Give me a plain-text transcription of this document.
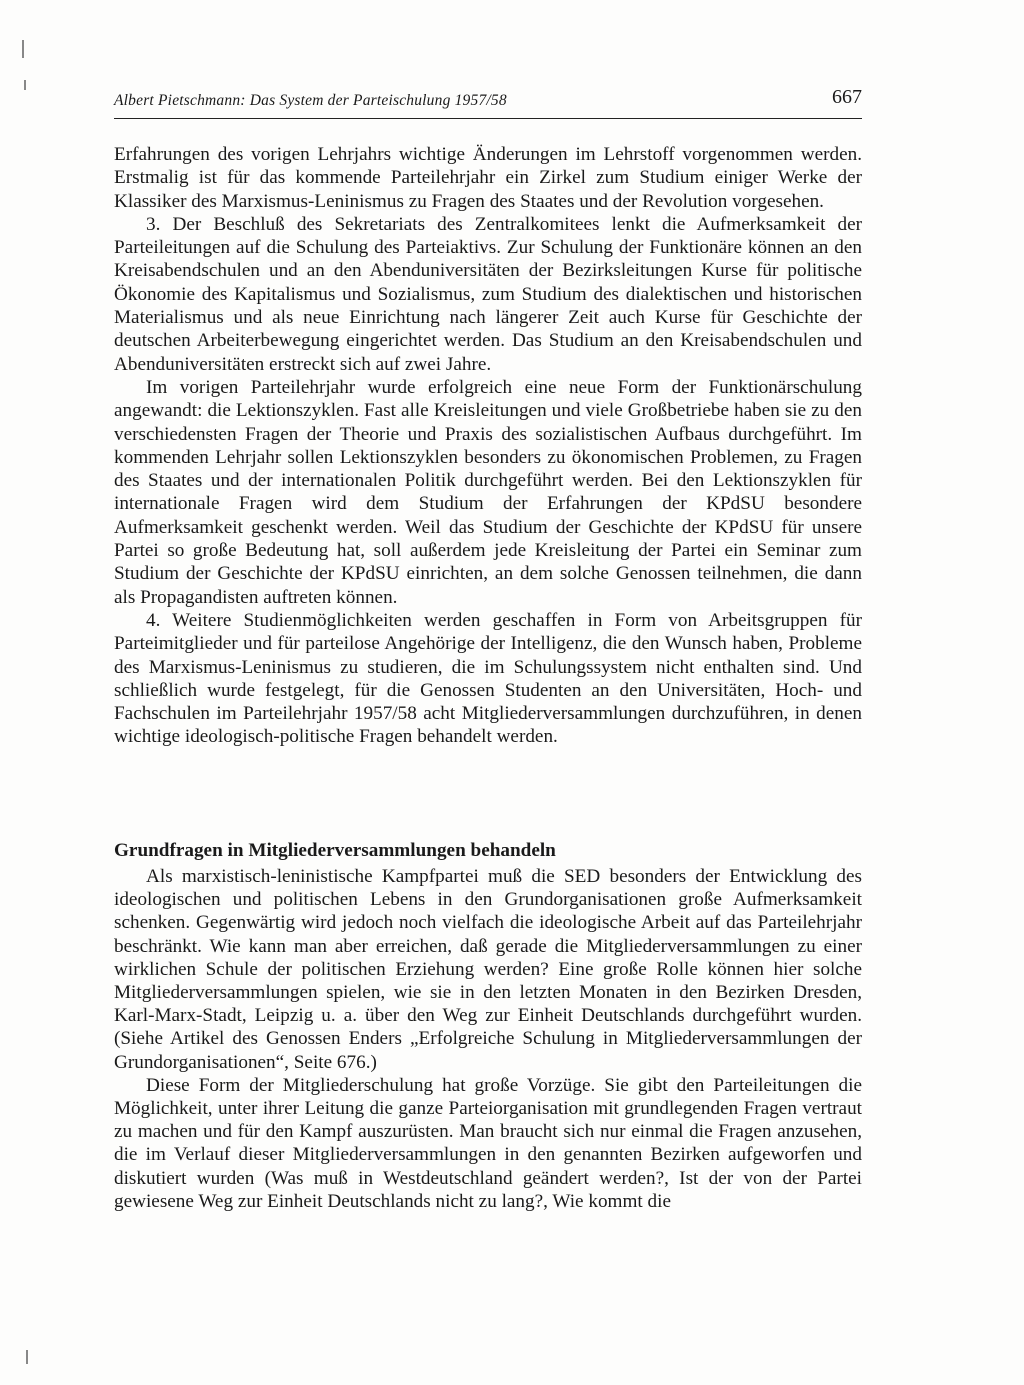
Albert Pietschmann: Das System der Parteischulung 1957/58	667

Erfahrungen des vorigen Lehrjahrs wichtige Änderungen im Lehrstoff vorgenommen werden. Erstmalig ist für das kommende Parteilehrjahr ein Zirkel zum Studium einiger Werke der Klassiker des Marxismus-Leninismus zu Fragen des Staates und der Revolution vorgesehen.

3. Der Beschluß des Sekretariats des Zentralkomitees lenkt die Aufmerksamkeit der Parteileitungen auf die Schulung des Parteiaktivs. Zur Schulung der Funktionäre können an den Kreisabendschulen und an den Abenduniversitäten der Bezirksleitungen Kurse für politische Ökonomie des Kapitalismus und Sozialismus, zum Studium des dialektischen und historischen Materialismus und als neue Einrichtung nach längerer Zeit auch Kurse für Geschichte der deutschen Arbeiterbewegung eingerichtet werden. Das Studium an den Kreisabendschulen und Abenduniversitäten erstreckt sich auf zwei Jahre.

Im vorigen Parteilehrjahr wurde erfolgreich eine neue Form der Funktionärschulung angewandt: die Lektionszyklen. Fast alle Kreisleitungen und viele Großbetriebe haben sie zu den verschiedensten Fragen der Theorie und Praxis des sozialistischen Aufbaus durchgeführt. Im kommenden Lehrjahr sollen Lektionszyklen besonders zu ökonomischen Problemen, zu Fragen des Staates und der internationalen Politik durchgeführt werden. Bei den Lektionszyklen für internationale Fragen wird dem Studium der Erfahrungen der KPdSU besondere Aufmerksamkeit geschenkt werden. Weil das Studium der Geschichte der KPdSU für unsere Partei so große Bedeutung hat, soll außerdem jede Kreisleitung der Partei ein Seminar zum Studium der Geschichte der KPdSU einrichten, an dem solche Genossen teilnehmen, die dann als Propagandisten auftreten können.

4. Weitere Studienmöglichkeiten werden geschaffen in Form von Arbeitsgruppen für Parteimitglieder und für parteilose Angehörige der Intelligenz, die den Wunsch haben, Probleme des Marxismus-Leninismus zu studieren, die im Schulungssystem nicht enthalten sind. Und schließlich wurde festgelegt, für die Genossen Studenten an den Universitäten, Hoch- und Fachschulen im Parteilehrjahr 1957/58 acht Mitgliederversammlungen durchzuführen, in denen wichtige ideologisch-politische Fragen behandelt werden.

Grundfragen in Mitgliederversammlungen behandeln

Als marxistisch-leninistische Kampfpartei muß die SED besonders der Entwicklung des ideologischen und politischen Lebens in den Grundorganisationen große Aufmerksamkeit schenken. Gegenwärtig wird jedoch noch vielfach die ideologische Arbeit auf das Parteilehrjahr beschränkt. Wie kann man aber erreichen, daß gerade die Mitgliederversammlungen zu einer wirklichen Schule der politischen Erziehung werden? Eine große Rolle können hier solche Mitgliederversammlungen spielen, wie sie in den letzten Monaten in den Bezirken Dresden, Karl-Marx-Stadt, Leipzig u. a. über den Weg zur Einheit Deutschlands durchgeführt wurden. (Siehe Artikel des Genossen Enders „Erfolgreiche Schulung in Mitgliederversammlungen der Grundorganisationen“, Seite 676.)

Diese Form der Mitgliederschulung hat große Vorzüge. Sie gibt den Parteileitungen die Möglichkeit, unter ihrer Leitung die ganze Parteiorganisation mit grundlegenden Fragen vertraut zu machen und für den Kampf auszurüsten. Man braucht sich nur einmal die Fragen anzusehen, die im Verlauf dieser Mitgliederversammlungen in den genannten Bezirken aufgeworfen und diskutiert wurden (Was muß in Westdeutschland geändert werden?, Ist der von der Partei gewiesene Weg zur Einheit Deutschlands nicht zu lang?, Wie kommt die
